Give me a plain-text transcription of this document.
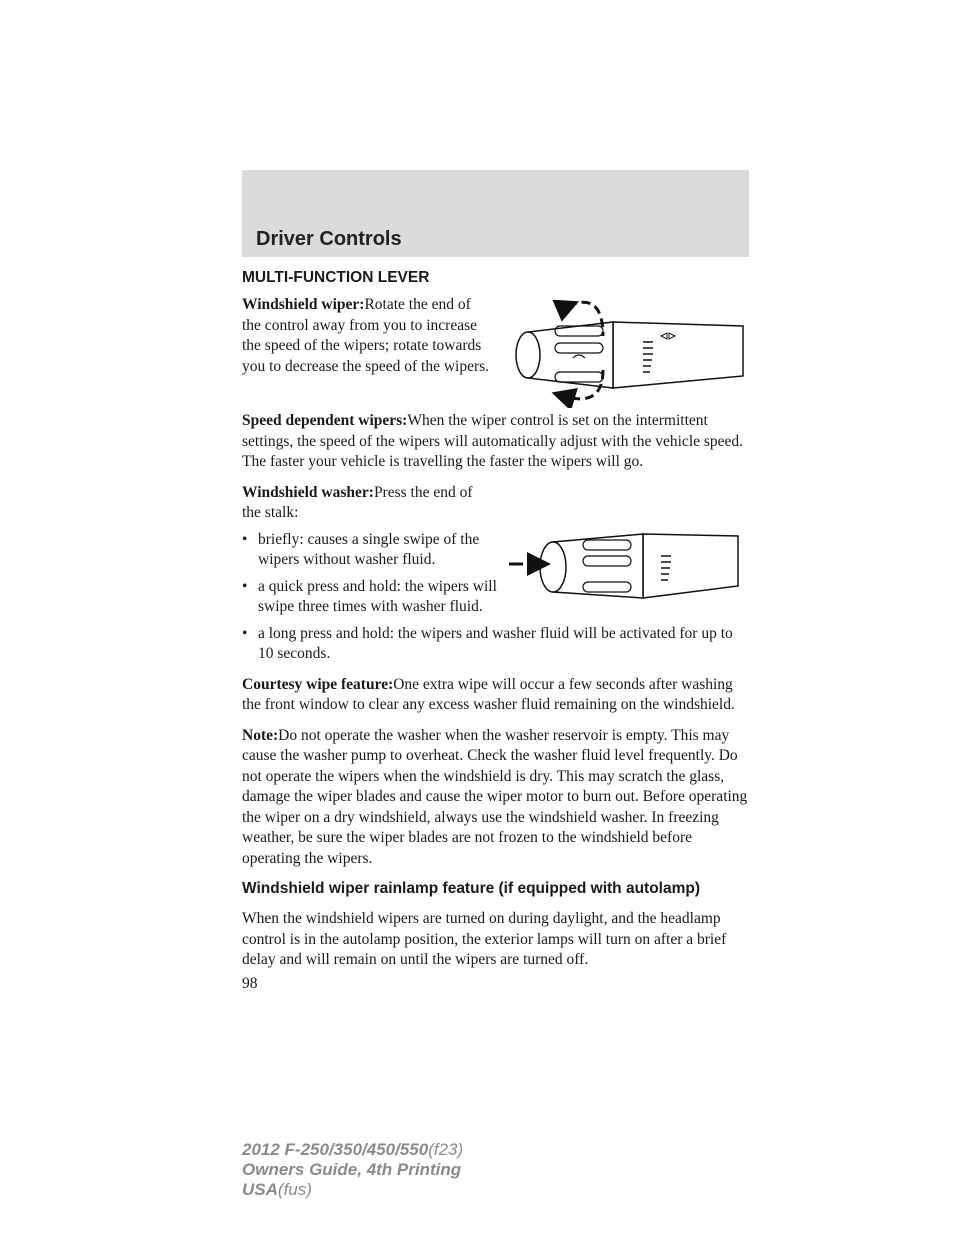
Driver Controls
MULTI-FUNCTION LEVER

Windshield wiper:Rotate the end of the control away from you to increase the speed of the wipers; rotate towards you to decrease the speed of the wipers.

Speed dependent wipers:When the wiper control is set on the intermittent settings, the speed of the wipers will automatically adjust with the vehicle speed. The faster your vehicle is travelling the faster the wipers will go.

Windshield washer:Press the end of the stalk:

• briefly: causes a single swipe of the wipers without washer fluid.
• a quick press and hold: the wipers will swipe three times with washer fluid.
• a long press and hold: the wipers and washer fluid will be activated for up to 10 seconds.

Courtesy wipe feature:One extra wipe will occur a few seconds after washing the front window to clear any excess washer fluid remaining on the windshield.

Note:Do not operate the washer when the washer reservoir is empty. This may cause the washer pump to overheat. Check the washer fluid level frequently. Do not operate the wipers when the windshield is dry. This may scratch the glass, damage the wiper blades and cause the wiper motor to burn out. Before operating the wiper on a dry windshield, always use the windshield washer. In freezing weather, be sure the wiper blades are not frozen to the windshield before operating the wipers.

Windshield wiper rainlamp feature (if equipped with autolamp)

When the windshield wipers are turned on during daylight, and the headlamp control is in the autolamp position, the exterior lamps will turn on after a brief delay and will remain on until the wipers are turned off.

98
2012 F-250/350/450/550(f23)
Owners Guide, 4th Printing
USA(fus)
